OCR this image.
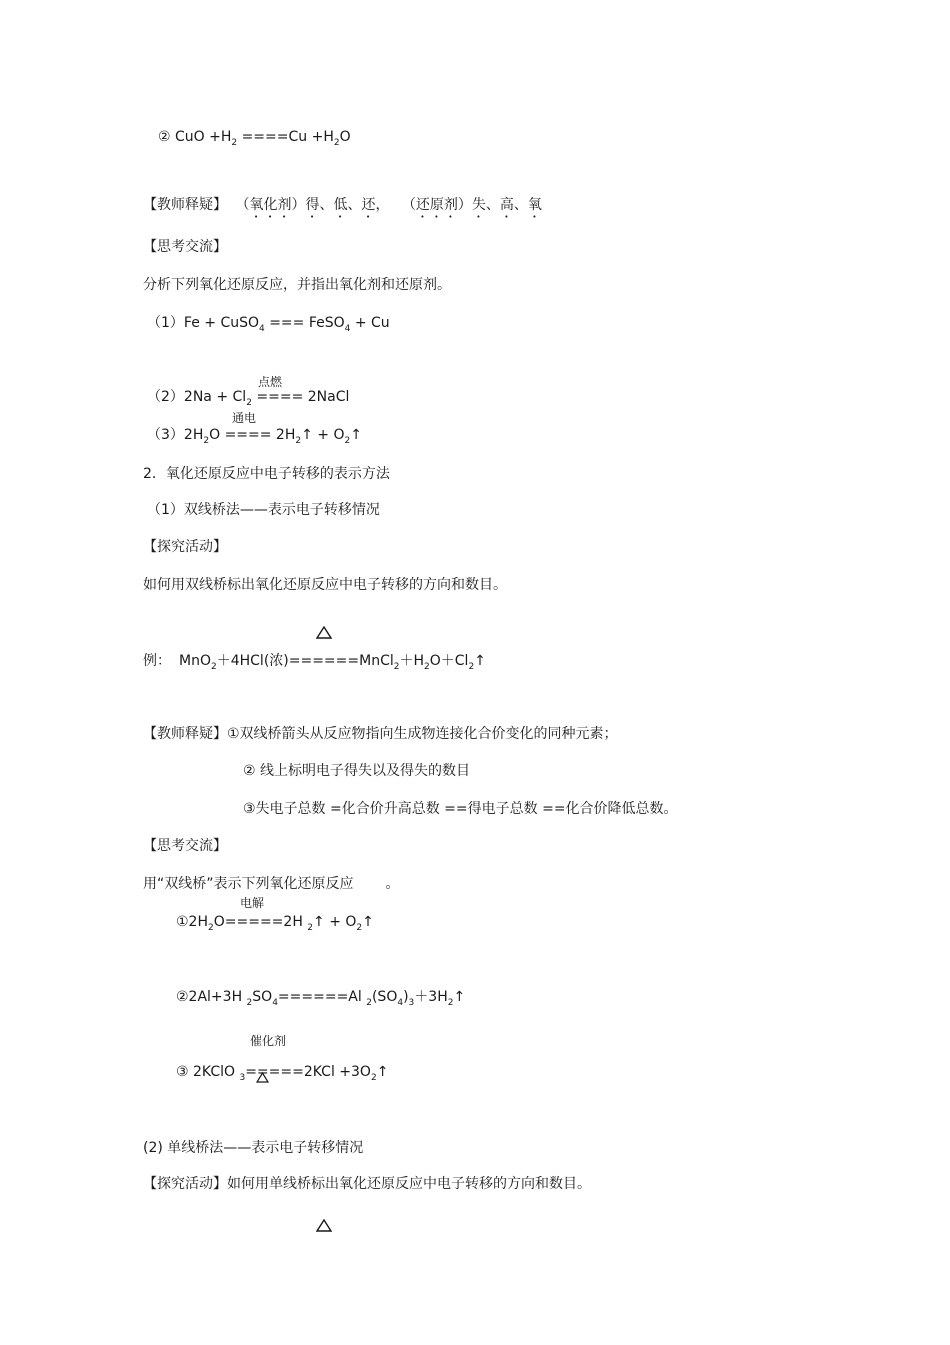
② CuO $+H_2 ====Cu +H_2O$
【教师释疑】 （氧化剂）得、低、还， （还原剂）失、高、氧
【思考交流】
分析下列氧化还原反应，并指出氧化剂和还原剂。
（1）Fe + CuSO$_4$ === FeSO$_4$ + Cu
点燃
$(2)2Na + Cl_2$ ==== 2NaCl
通电
$(3)2H_2O$ ==== $2H_2↑$ + $O_2↑$
2．氧化还原反应中电子转移的表示方法
（1）双线桥法——表示电子转移情况
【探究活动】
如何用双线桥标出氧化还原反应中电子转移的方向和数目。
例： MnO$_2$＋4HCl(浓)$======MnCl_2+H_2O+Cl_2↑$
【教师释疑】①双线桥箭头从反应物指向生成物连接化合价变化的同种元素；
② 线上标明电子得失以及得失的数目
③失电子总数 =化合价升高总数 ==得电子总数 ==化合价降低总数。
【思考交流】
用“双线桥”表示下列氧化还原反应 。
电解
$①2H_2O=====2H$ $_2$↑ + $O_2↑$
②2Al+3H $_2SO_4======Al$ $_2(SO_4)_3+3H_2↑$
催化剂
③ 2KClO $_3=====2KCl +3O_2↑$
(2) 单线桥法——表示电子转移情况
【探究活动】如何用单线桥标出氧化还原反应中电子转移的方向和数目。
